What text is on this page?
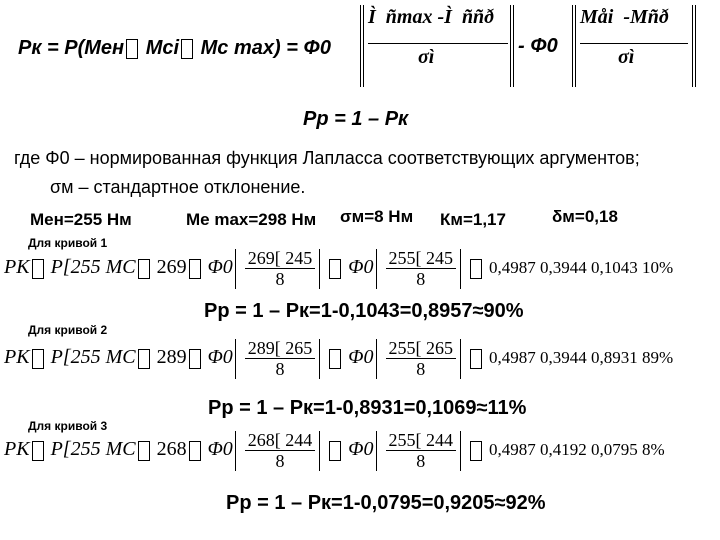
Pк = P(Mен Mсi Mс max) = Φ0
Ì ñmax -Ì ññð
σì	- Φ0
Måi -Mñð
σì
Pр = 1 – Pк
где Φ0 – нормированная функция Лапласса соответствующих аргументов;
σм – стандартное отклонение.
Мен=255 Нм	Ме max=298 Нм σм=8 Нм Км=1,17	δм=0,18
Для кривой 1
PK P[255 MC 269 $\Phi 0 \frac{269[ 245}{8} \Phi 0 \frac{255[ 245}{8} 0,4987$ 0,3944 0,1043 10%
Pр = 1 – Pк=1-0,1043=0,8957≈90%
Для кривой 2
PK P[255 MC 289 $\Phi 0 \frac{289[ 265}{8} \Phi 0 \frac{255[ 265}{8} 0,4987$ 0,3944 0,8931 89%
Pр = 1 – Pк=1-0,8931=0,1069≈11%
Для кривой 3
PK P[255 MC 268 $\Phi 0 \frac{268[ 244}{8} \Phi 0 \frac{255[ 244}{8} 0,4987$ 0,4192 0,0795 8%
Pр = 1 – Pк=1-0,0795=0,9205≈92%
